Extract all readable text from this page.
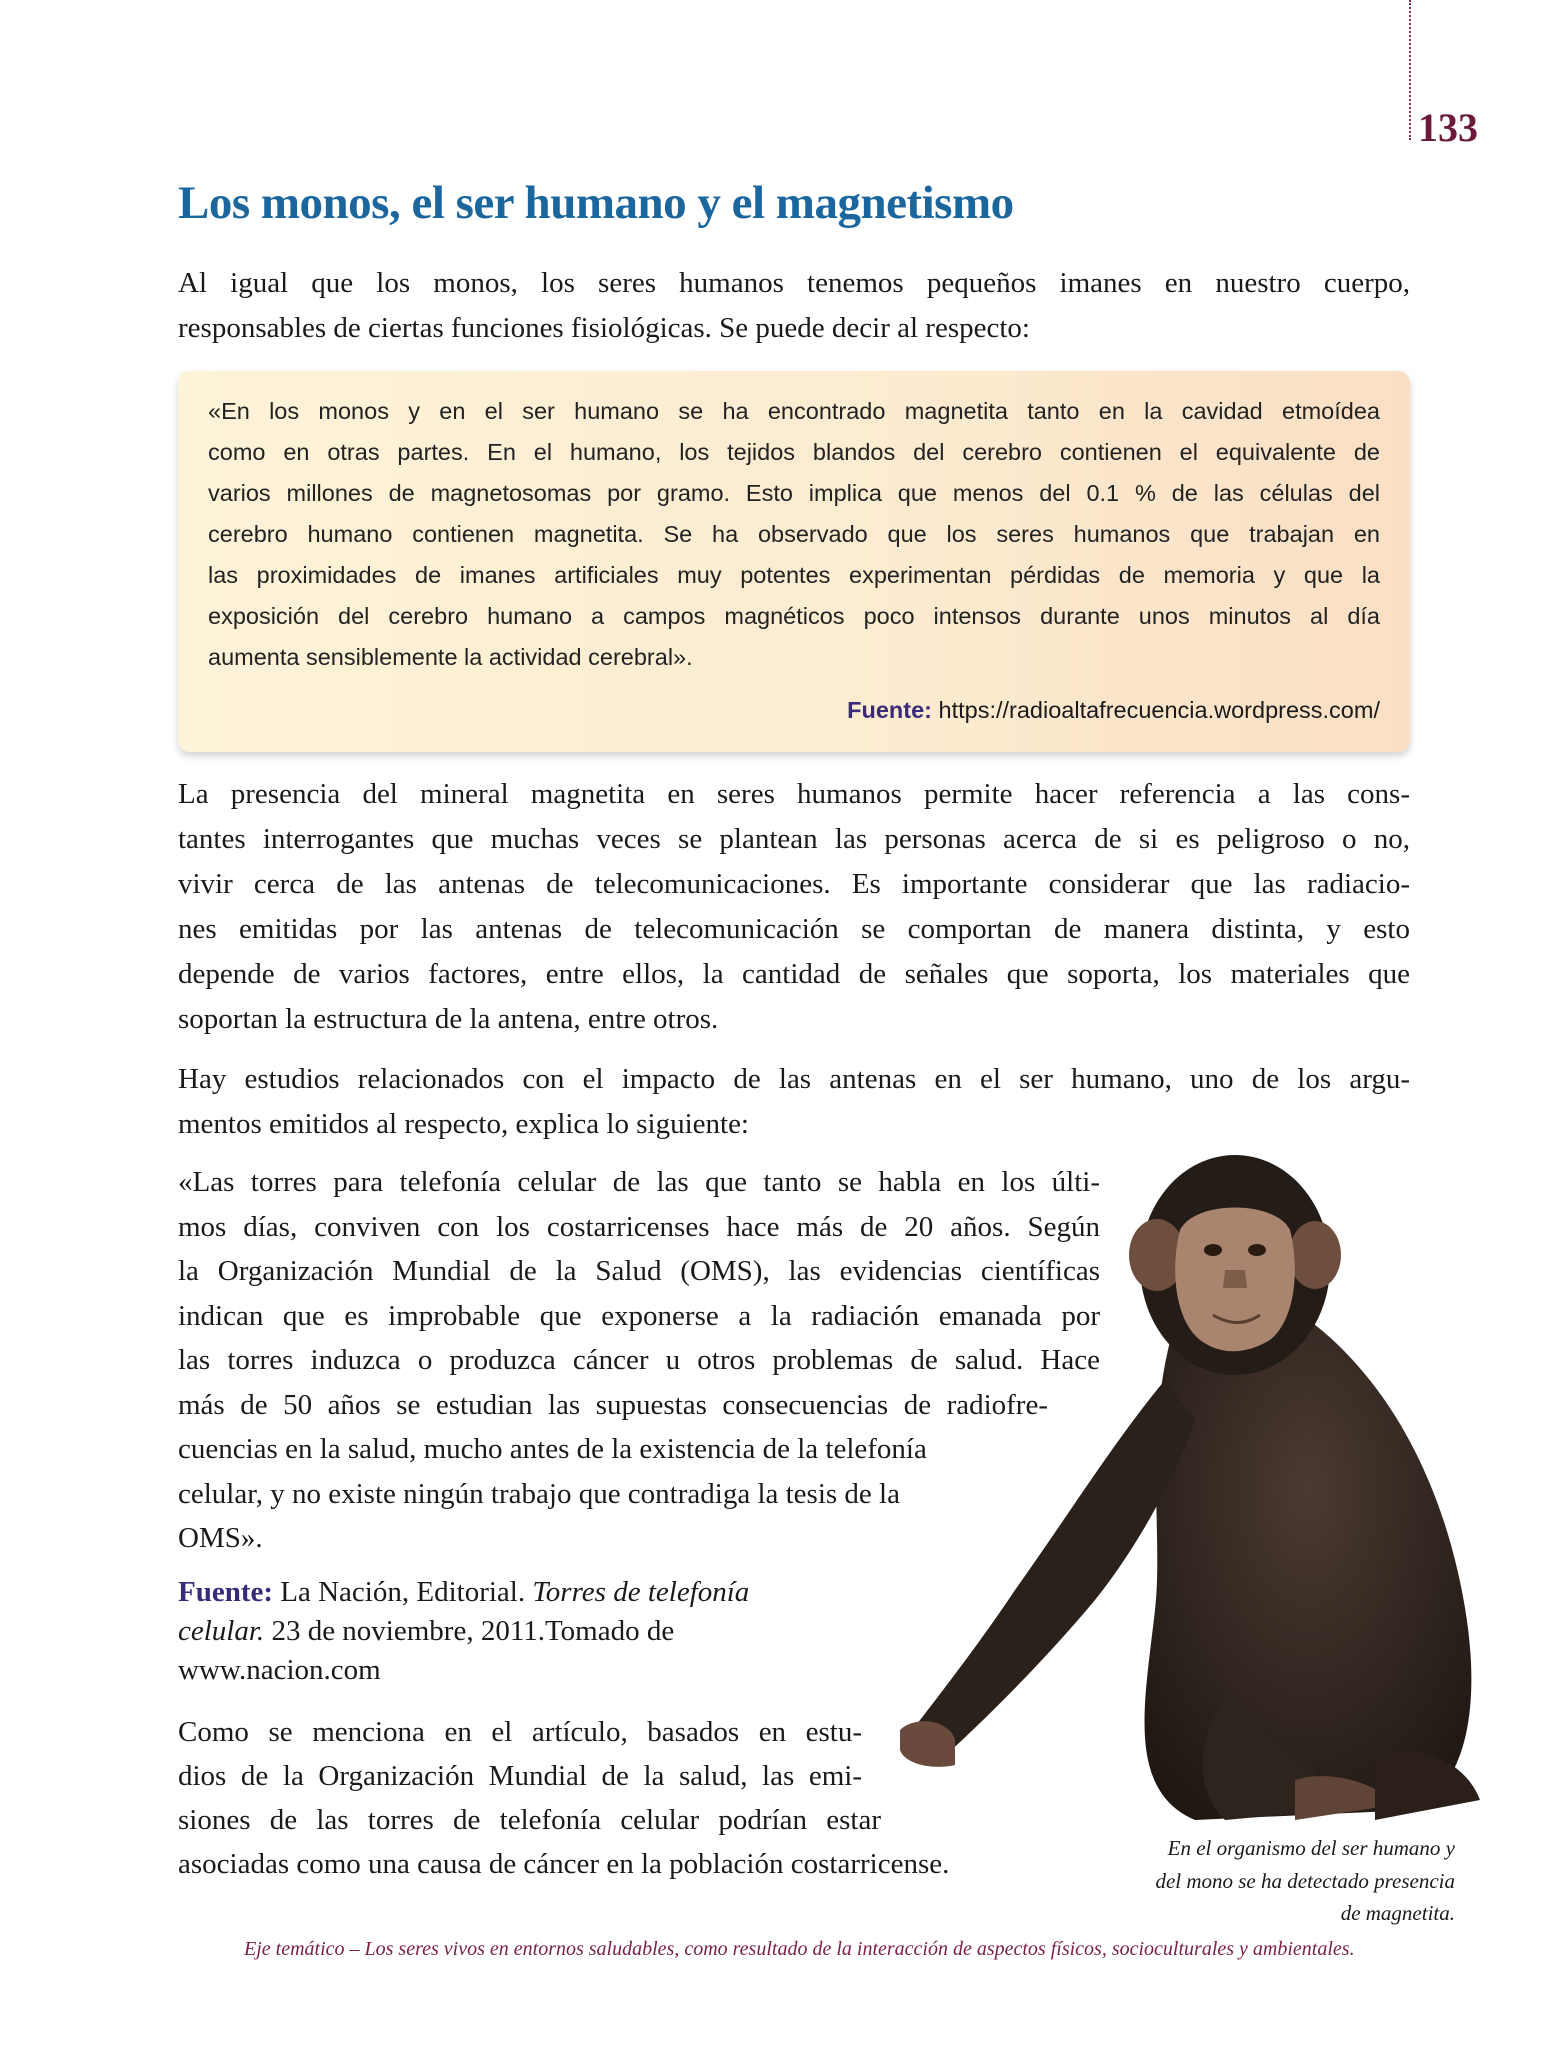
133
Los monos, el ser humano y el magnetismo
Al igual que los monos, los seres humanos tenemos pequeños imanes en nuestro cuerpo,
responsables de ciertas funciones fisiológicas. Se puede decir al respecto:
«En los monos y en el ser humano se ha encontrado magnetita tanto en la cavidad etmoídea
como en otras partes. En el humano, los tejidos blandos del cerebro contienen el equivalente de
varios millones de magnetosomas por gramo. Esto implica que menos del 0.1 % de las células del
cerebro humano contienen magnetita. Se ha observado que los seres humanos que trabajan en
las proximidades de imanes artificiales muy potentes experimentan pérdidas de memoria y que la
exposición del cerebro humano a campos magnéticos poco intensos durante unos minutos al día
aumenta sensiblemente la actividad cerebral».
Fuente: https://radioaltafrecuencia.wordpress.com/
La presencia del mineral magnetita en seres humanos permite hacer referencia a las cons-
tantes interrogantes que muchas veces se plantean las personas acerca de si es peligroso o no,
vivir cerca de las antenas de telecomunicaciones. Es importante considerar que las radiacio-
nes emitidas por las antenas de telecomunicación se comportan de manera distinta, y esto
depende de varios factores, entre ellos, la cantidad de señales que soporta, los materiales que
soportan la estructura de la antena, entre otros.
Hay estudios relacionados con el impacto de las antenas en el ser humano, uno de los argu-
mentos emitidos al respecto, explica lo siguiente:
«Las torres para telefonía celular de las que tanto se habla en los últi-
mos días, conviven con los costarricenses hace más de 20 años. Según
la Organización Mundial de la Salud (OMS), las evidencias científicas
indican que es improbable que exponerse a la radiación emanada por
las torres induzca o produzca cáncer u otros problemas de salud. Hace
más de 50 años se estudian las supuestas consecuencias de radiofre-
cuencias en la salud, mucho antes de la existencia de la telefonía
celular, y no existe ningún trabajo que contradiga la tesis de la
OMS».
Fuente: La Nación, Editorial. Torres de telefonía
celular. 23 de noviembre, 2011.Tomado de
www.nacion.com
Como se menciona en el artículo, basados en estu-
dios de la Organización Mundial de la salud, las emi-
siones de las torres de telefonía celular podrían estar
asociadas como una causa de cáncer en la población costarricense.	En el organismo del ser humano y
del mono se ha detectado presencia
de magnetita.
Eje temático – Los seres vivos en entornos saludables, como resultado de la interacción de aspectos físicos, socioculturales y ambientales.
